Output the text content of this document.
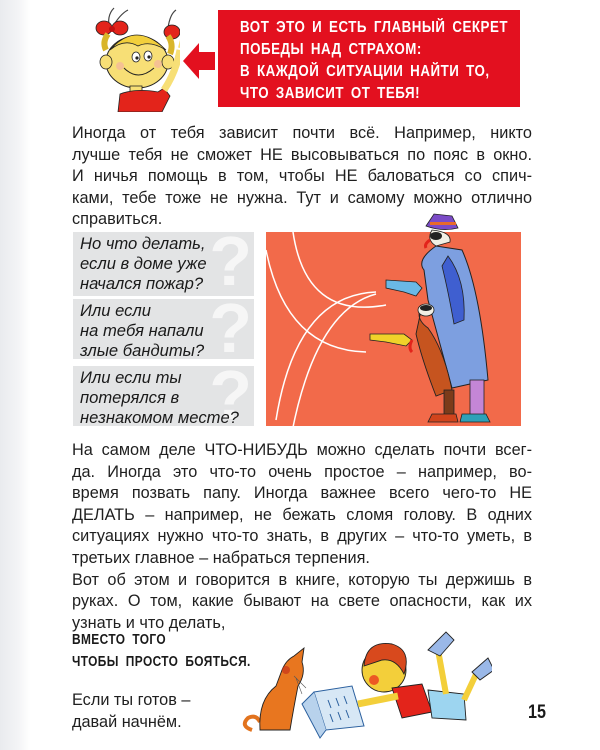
ВОТ ЭТО И ЕСТЬ ГЛАВНЫЙ СЕКРЕТ
ПОБЕДЫ НАД СТРАХОМ:
В КАЖДОЙ СИТУАЦИИ НАЙТИ ТО,
ЧТО ЗАВИСИТ ОТ ТЕБЯ!
Иногда от тебя зависит почти всё. Например, никто
лучше тебя не сможет НЕ высовываться по пояс в окно.
И ничья помощь в том, чтобы НЕ баловаться со спич-
ками, тебе тоже не нужна. Тут и самому можно отлично
справиться.
?
Но что делать,
если в доме уже
начался пожар?
?
Или если
на тебя напали
злые бандиты?
?
Или если ты
потерялся в
незнакомом месте?
На самом деле ЧТО-НИБУДЬ можно сделать почти всег-
да. Иногда это что-то очень простое – например, во-
время позвать папу. Иногда важнее всего чего-то НЕ
ДЕЛАТЬ – например, не бежать сломя голову. В одних
ситуациях нужно что-то знать, в других – что-то уметь, в
третьих главное – набраться терпения.
Вот об этом и говорится в книге, которую ты держишь в
руках. О том, какие бывают на свете опасности, как их
узнать и что делать,
ВМЕСТО ТОГО
ЧТОБЫ ПРОСТО БОЯТЬСЯ.
Если ты готов –
давай начнём.	15
